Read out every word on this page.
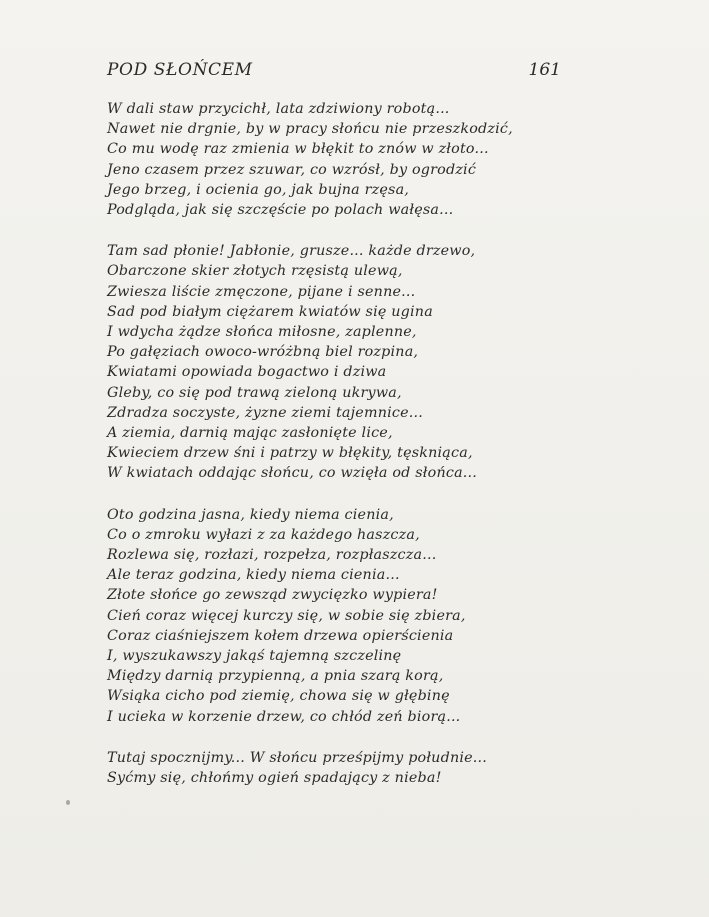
POD SŁOŃCEM	161
W dali staw przycichł, lata zdziwiony robotą...
Nawet nie drgnie, by w pracy słońcu nie przeszkodzić,
Co mu wodę raz zmienia w błękit to znów w złoto...
Jeno czasem przez szuwar, co wzrósł, by ogrodzić
Jego brzeg, i ocienia go, jak bujna rzęsa,
Podgląda, jak się szczęście po polach wałęsa...
Tam sad płonie! Jabłonie, grusze... każde drzewo,
Obarczone skier złotych rzęsistą ulewą,
Zwiesza liście zmęczone, pijane i senne...
Sad pod białym ciężarem kwiatów się ugina
I wdycha żądze słońca miłosne, zaplenne,
Po gałęziach owoco-wróżbną biel rozpina,
Kwiatami opowiada bogactwo i dziwa
Gleby, co się pod trawą zieloną ukrywa,
Zdradza soczyste, żyzne ziemi tajemnice...
A ziemia, darnią mając zasłonięte lice,
Kwieciem drzew śni i patrzy w błękity, tęskniąca,
W kwiatach oddając słońcu, co wzięła od słońca...
Oto godzina jasna, kiedy niema cienia,
Co o zmroku wyłazi z za każdego haszcza,
Rozlewa się, rozłazi, rozpełza, rozpłaszcza...
Ale teraz godzina, kiedy niema cienia...
Złote słońce go zewsząd zwycięzko wypiera!
Cień coraz więcej kurczy się, w sobie się zbiera,
Coraz ciaśniejszem kołem drzewa opierścienia
I, wyszukawszy jakąś tajemną szczelinę
Między darnią przypienną, a pnia szarą korą,
Wsiąka cicho pod ziemię, chowa się w głębinę
I ucieka w korzenie drzew, co chłód zeń biorą...
Tutaj spocznijmy... W słońcu prześpijmy południe...
Syćmy się, chłońmy ogień spadający z nieba!
